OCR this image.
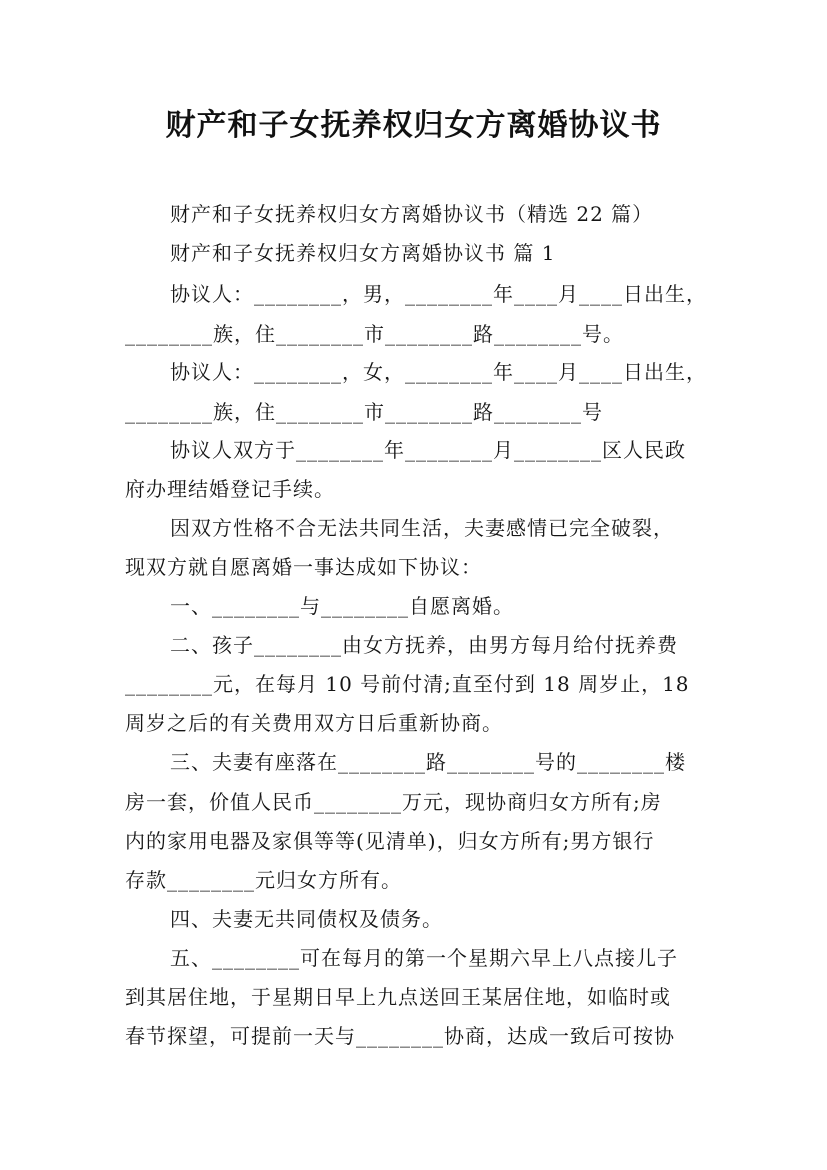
财产和子女抚养权归女方离婚协议书
财产和子女抚养权归女方离婚协议书（精选 22 篇）
财产和子女抚养权归女方离婚协议书 篇 1
协议人：________，男，________年____月____日出生，
________族，住________市________路________号。
协议人：________，女，________年____月____日出生，
________族，住________市________路________号
协议人双方于________年________月________区人民政
府办理结婚登记手续。
因双方性格不合无法共同生活，夫妻感情已完全破裂，
现双方就自愿离婚一事达成如下协议：
一、________与________自愿离婚。
二、孩子________由女方抚养，由男方每月给付抚养费
________元，在每月 10 号前付清;直至付到 18 周岁止，18
周岁之后的有关费用双方日后重新协商。
三、夫妻有座落在________路________号的________楼
房一套，价值人民币________万元，现协商归女方所有;房
内的家用电器及家俱等等(见清单)，归女方所有;男方银行
存款________元归女方所有。
四、夫妻无共同债权及债务。
五、________可在每月的第一个星期六早上八点接儿子
到其居住地，于星期日早上九点送回王某居住地，如临时或
春节探望，可提前一天与________协商，达成一致后可按协
